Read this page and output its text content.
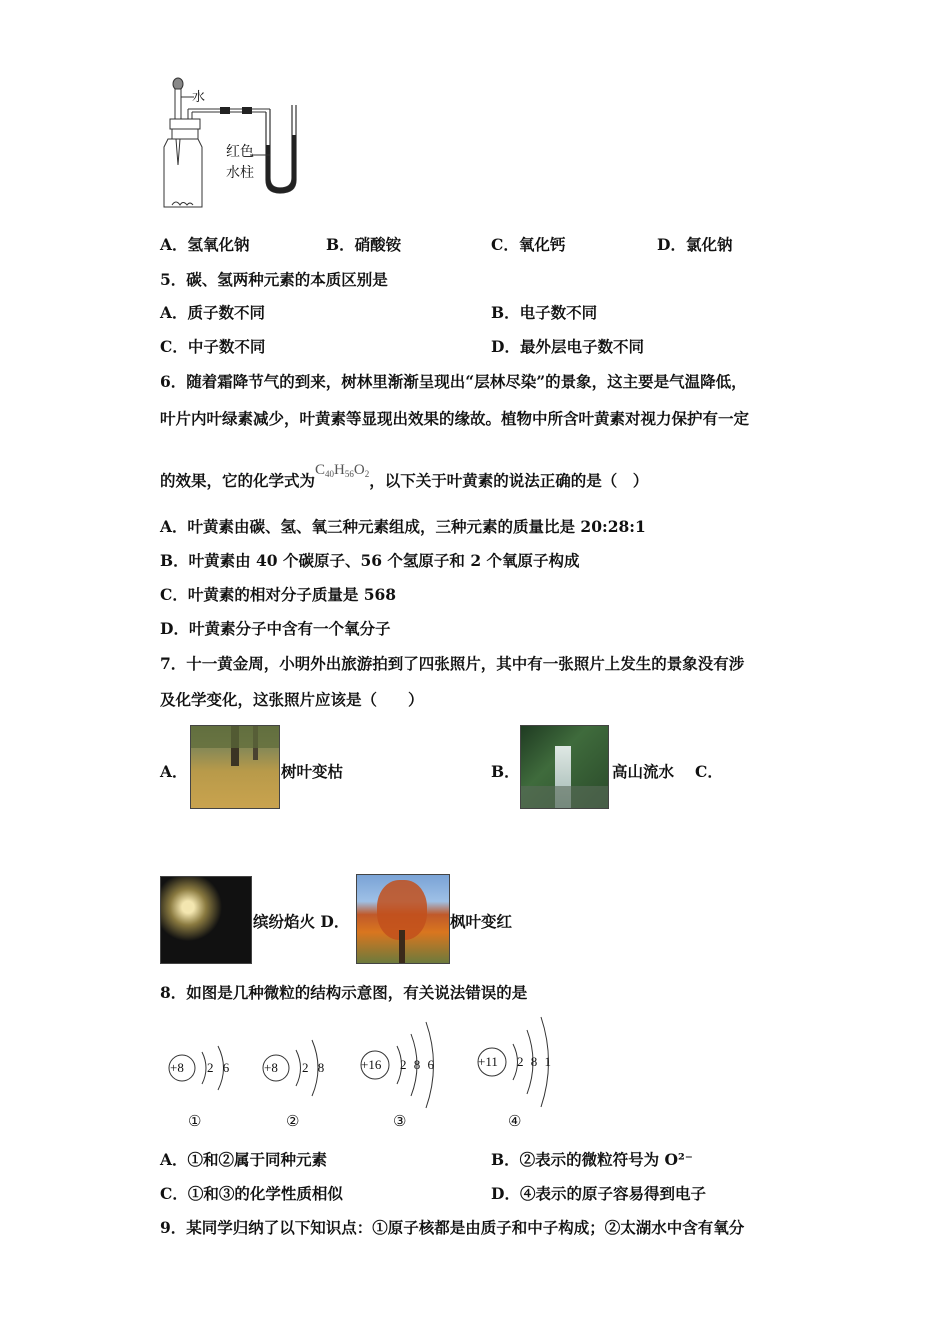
水
红色
水柱
A．氢氧化钠	B．硝酸铵	C．氧化钙	D．氯化钠
5．碳、氢两种元素的本质区别是
A．质子数不同	B．电子数不同
C．中子数不同	D．最外层电子数不同
6．随着霜降节气的到来，树林里渐渐呈现出“层林尽染”的景象，这主要是气温降低，
叶片内叶绿素减少，叶黄素等显现出效果的缘故。植物中所含叶黄素对视力保护有一定
的效果，它的化学式为$C_{40}H_{56}O_2$，以下关于叶黄素的说法正确的是（　）
A．叶黄素由碳、氢、氧三种元素组成，三种元素的质量比是 20:28:1
B．叶黄素由 40 个碳原子、56 个氢原子和 2 个氧原子构成
C．叶黄素的相对分子质量是 568
D．叶黄素分子中含有一个氧分子
7．十一黄金周，小明外出旅游拍到了四张照片，其中有一张照片上发生的景象没有涉
及化学变化，这张照片应该是（　　）
A．	树叶变枯	B．	高山流水 C．
缤纷焰火 D．	枫叶变红
8．如图是几种微粒的结构示意图，有关说法错误的是
+8 2 6
①
+8 2 8
②
+16 2 8 6
③
+11 2 8 1
④
A．①和②属于同种元素	B．②表示的微粒符号为 O²⁻
C．①和③的化学性质相似	D．④表示的原子容易得到电子
9．某同学归纳了以下知识点：①原子核都是由质子和中子构成；②太湖水中含有氧分
